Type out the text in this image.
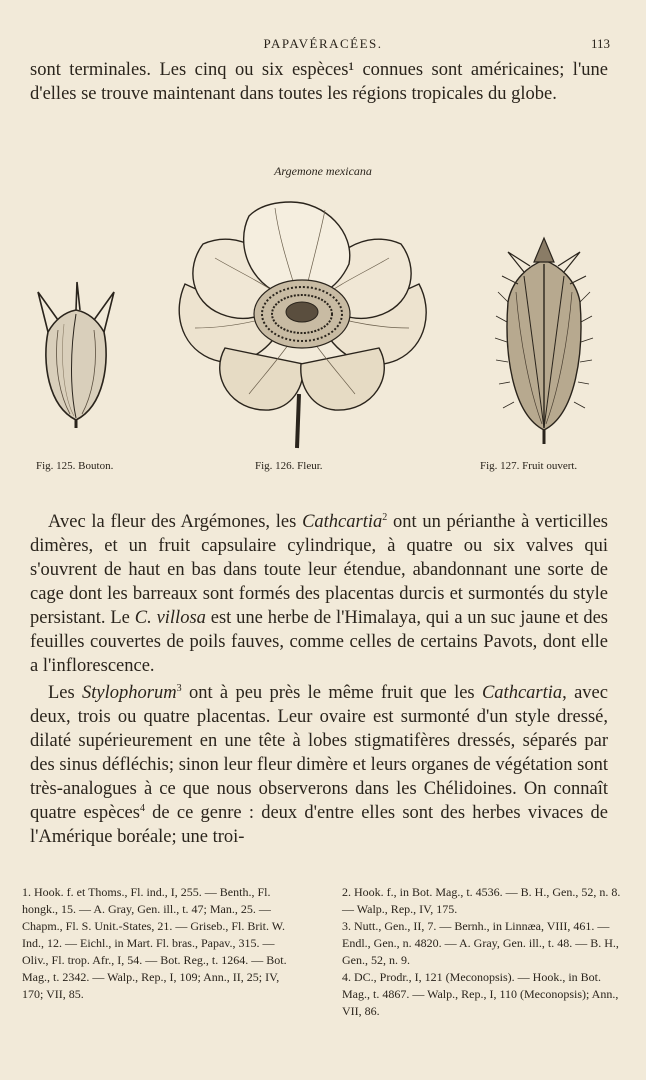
PAPAVÉRACÉES.	113
sont terminales. Les cinq ou six espèces¹ connues sont américaines; l'une d'elles se trouve maintenant dans toutes les régions tropicales du globe.
Argemone mexicana
Fig. 125. Bouton.	Fig. 126. Fleur.	Fig. 127. Fruit ouvert.
Avec la fleur des Argémones, les Cathcartia$^2$ ont un périanthe à verticilles dimères, et un fruit capsulaire cylindrique, à quatre ou six valves qui s'ouvrent de haut en bas dans toute leur étendue, abandonnant une sorte de cage dont les barreaux sont formés des placentas durcis et surmontés du style persistant. Le C. villosa est une herbe de l'Himalaya, qui a un suc jaune et des feuilles couvertes de poils fauves, comme celles de certains Pavots, dont elle a l'inflorescence.
Les Stylophorum$^3$ ont à peu près le même fruit que les Cathcartia, avec deux, trois ou quatre placentas. Leur ovaire est surmonté d'un style dressé, dilaté supérieurement en une tête à lobes stigmatifères dressés, séparés par des sinus défléchis; sinon leur fleur dimère et leurs organes de végétation sont très-analogues à ce que nous observerons dans les Chélidoines. On connaît quatre espèces$^4$ de ce genre : deux d'entre elles sont des herbes vivaces de l'Amérique boréale; une troi-

1. Hook. f. et Thoms., Fl. ind., I, 255. — Benth., Fl. hongk., 15. — A. Gray, Gen. ill., t. 47; Man., 25. — Chapm., Fl. S. Unit.-States, 21. — Griseb., Fl. Brit. W. Ind., 12. — Eichl., in Mart. Fl. bras., Papav., 315. — Oliv., Fl. trop. Afr., I, 54. — Bot. Reg., t. 1264. — Bot. Mag., t. 2342. — Walp., Rep., I, 109; Ann., II, 25; IV, 170; VII, 85.

2. Hook. f., in Bot. Mag., t. 4536. — B. H., Gen., 52, n. 8. — Walp., Rep., IV, 175.

3. Nutt., Gen., II, 7. — Bernh., in Linnæa, VIII, 461. — Endl., Gen., n. 4820. — A. Gray, Gen. ill., t. 48. — B. H., Gen., 52, n. 9.

4. DC., Prodr., I, 121 (Meconopsis). — Hook., in Bot. Mag., t. 4867. — Walp., Rep., I, 110 (Meconopsis); Ann., VII, 86.
